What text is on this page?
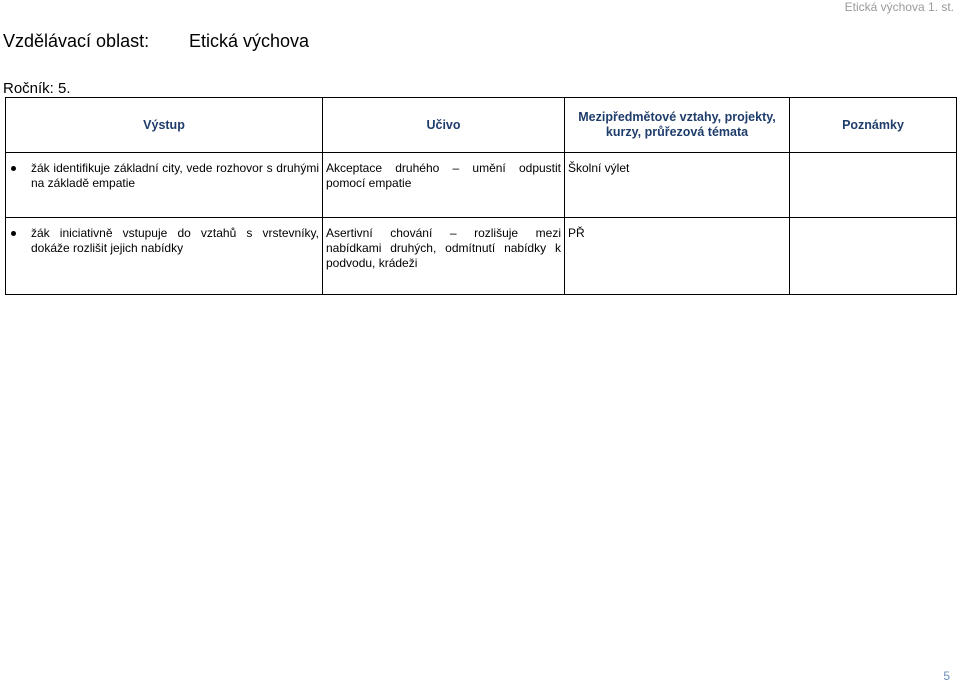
Etická výchova 1. st.
Vzdělávací oblast: Etická výchova
Ročník: 5.
Výstup	Učivo	Mezipředmětové vztahy, projekty, kurzy, průřezová témata	Poznámky

žák identifikuje základní city, vede rozhovor s druhými na základě empatie	Akceptace druhého – umění odpustit pomocí empatie	Školní výlet	

žák iniciativně vstupuje do vztahů s vrstevníky, dokáže rozlišit jejich nabídky	Asertivní chování – rozlišuje mezi nabídkami druhých, odmítnutí nabídky k podvodu, krádeži	PŘ	
5
